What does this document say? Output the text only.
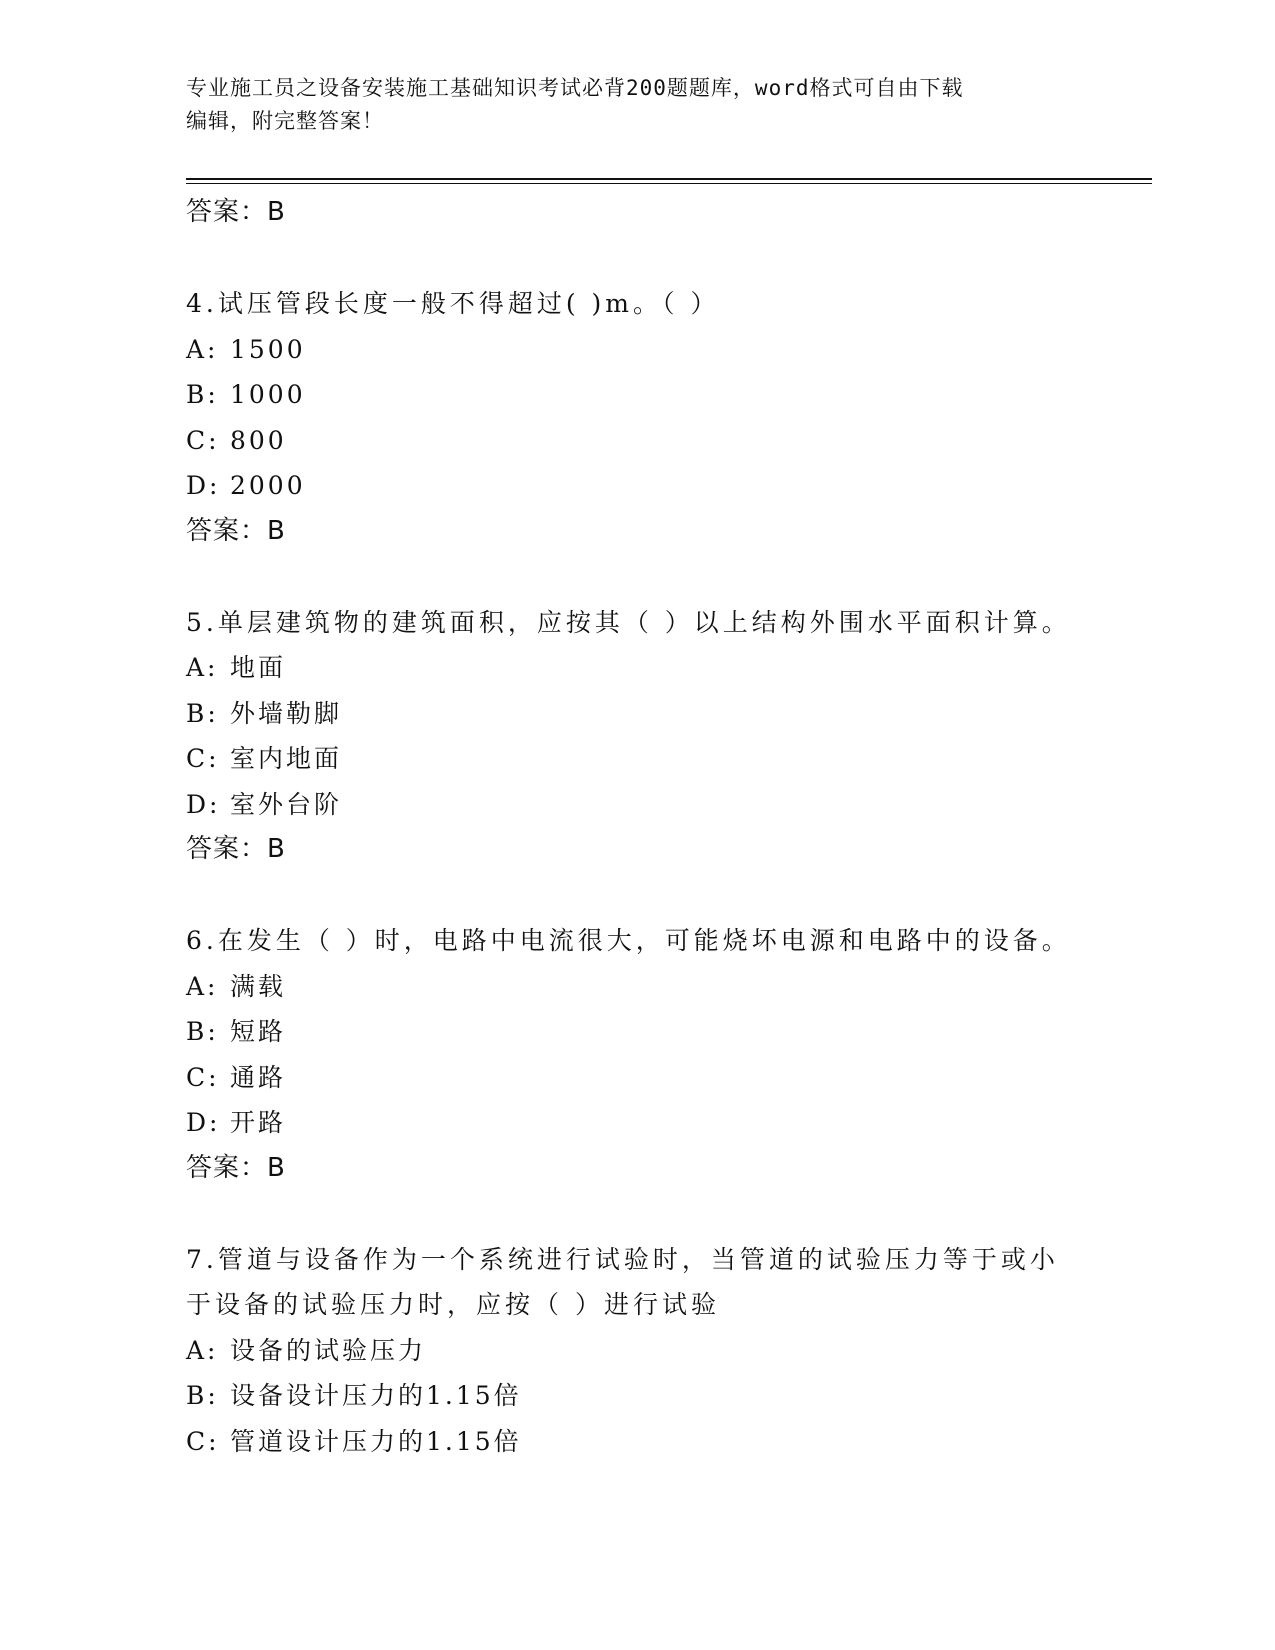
专业施工员之设备安装施工基础知识考试必背200题题库，word格式可自由下载
编辑，附完整答案！
答案：B
4.试压管段长度一般不得超过( )m。（ ）
A: 1500
B: 1000
C: 800
D: 2000
答案：B
5.单层建筑物的建筑面积，应按其（ ）以上结构外围水平面积计算。
A: 地面
B: 外墙勒脚
C: 室内地面
D: 室外台阶
答案：B
6.在发生（ ）时，电路中电流很大，可能烧坏电源和电路中的设备。
A: 满载
B: 短路
C: 通路
D: 开路
答案：B
7.管道与设备作为一个系统进行试验时，当管道的试验压力等于或小
于设备的试验压力时，应按（ ）进行试验
A: 设备的试验压力
B: 设备设计压力的1.15倍
C: 管道设计压力的1.15倍
